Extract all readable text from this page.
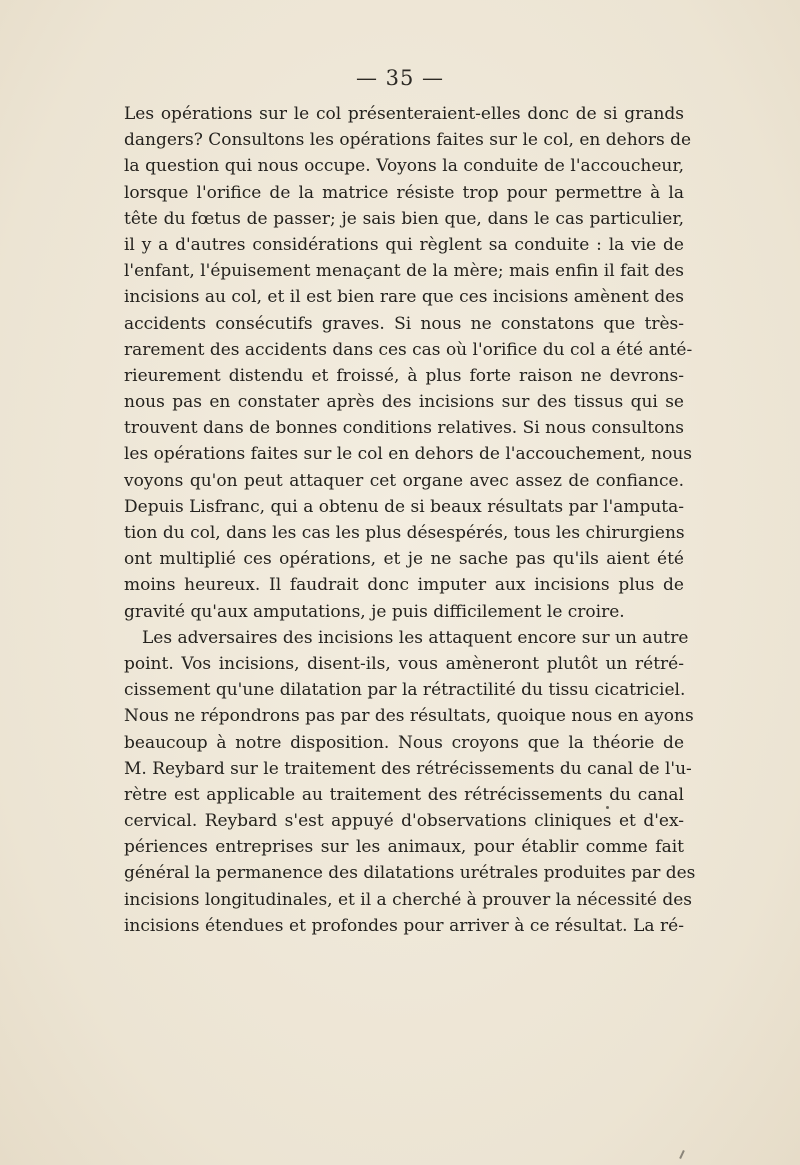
— 35 —
Les opérations sur le col présenteraient-elles donc de si grands
dangers? Consultons les opérations faites sur le col, en dehors de
la question qui nous occupe. Voyons la conduite de l'accoucheur,
lorsque l'orifice de la matrice résiste trop pour permettre à la
tête du fœtus de passer; je sais bien que, dans le cas particulier,
il y a d'autres considérations qui règlent sa conduite : la vie de
l'enfant, l'épuisement menaçant de la mère; mais enfin il fait des
incisions au col, et il est bien rare que ces incisions amènent des
accidents consécutifs graves. Si nous ne constatons que très-
rarement des accidents dans ces cas où l'orifice du col a été anté-
rieurement distendu et froissé, à plus forte raison ne devrons-
nous pas en constater après des incisions sur des tissus qui se
trouvent dans de bonnes conditions relatives. Si nous consultons
les opérations faites sur le col en dehors de l'accouchement, nous
voyons qu'on peut attaquer cet organe avec assez de confiance.
Depuis Lisfranc, qui a obtenu de si beaux résultats par l'amputa-
tion du col, dans les cas les plus désespérés, tous les chirurgiens
ont multiplié ces opérations, et je ne sache pas qu'ils aient été
moins heureux. Il faudrait donc imputer aux incisions plus de
gravité qu'aux amputations, je puis difficilement le croire.
Les adversaires des incisions les attaquent encore sur un autre
point. Vos incisions, disent-ils, vous amèneront plutôt un rétré-
cissement qu'une dilatation par la rétractilité du tissu cicatriciel.
Nous ne répondrons pas par des résultats, quoique nous en ayons
beaucoup à notre disposition. Nous croyons que la théorie de
M. Reybard sur le traitement des rétrécissements du canal de l'u-
rètre est applicable au traitement des rétrécissements du canal
cervical. Reybard s'est appuyé d'observations cliniques et d'ex-
périences entreprises sur les animaux, pour établir comme fait
général la permanence des dilatations urétrales produites par des
incisions longitudinales, et il a cherché à prouver la nécessité des
incisions étendues et profondes pour arriver à ce résultat. La ré-
